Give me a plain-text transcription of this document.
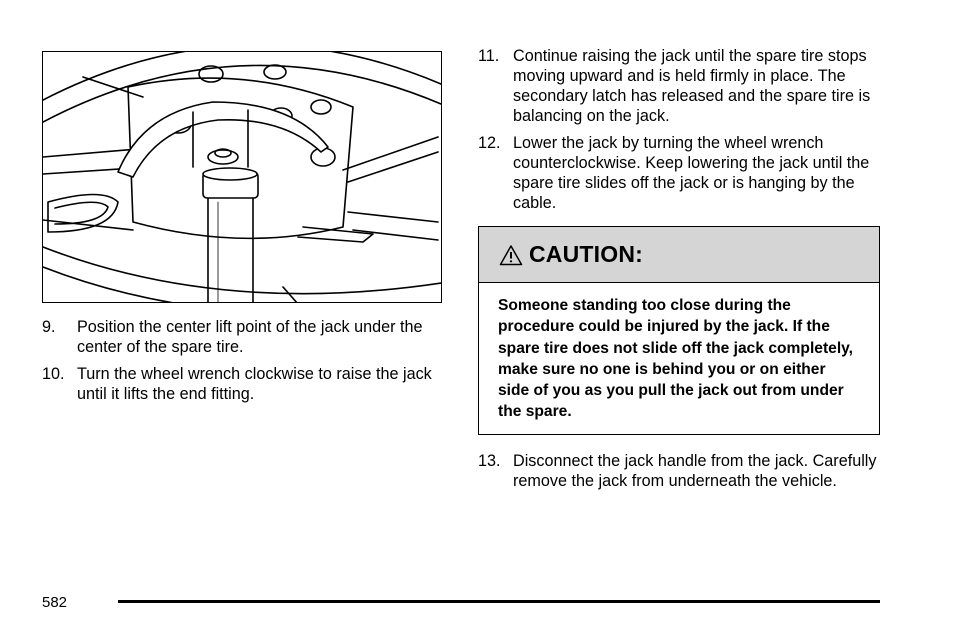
9. Position the center lift point of the jack under the center of the spare tire.
10. Turn the wheel wrench clockwise to raise the jack until it lifts the end fitting.
11. Continue raising the jack until the spare tire stops moving upward and is held firmly in place. The secondary latch has released and the spare tire is balancing on the jack.
12. Lower the jack by turning the wheel wrench counterclockwise. Keep lowering the jack until the spare tire slides off the jack or is hanging by the cable.
CAUTION:
Someone standing too close during the procedure could be injured by the jack. If the spare tire does not slide off the jack completely, make sure no one is behind you or on either side of you as you pull the jack out from under the spare.
13. Disconnect the jack handle from the jack. Carefully remove the jack from underneath the vehicle.
582
